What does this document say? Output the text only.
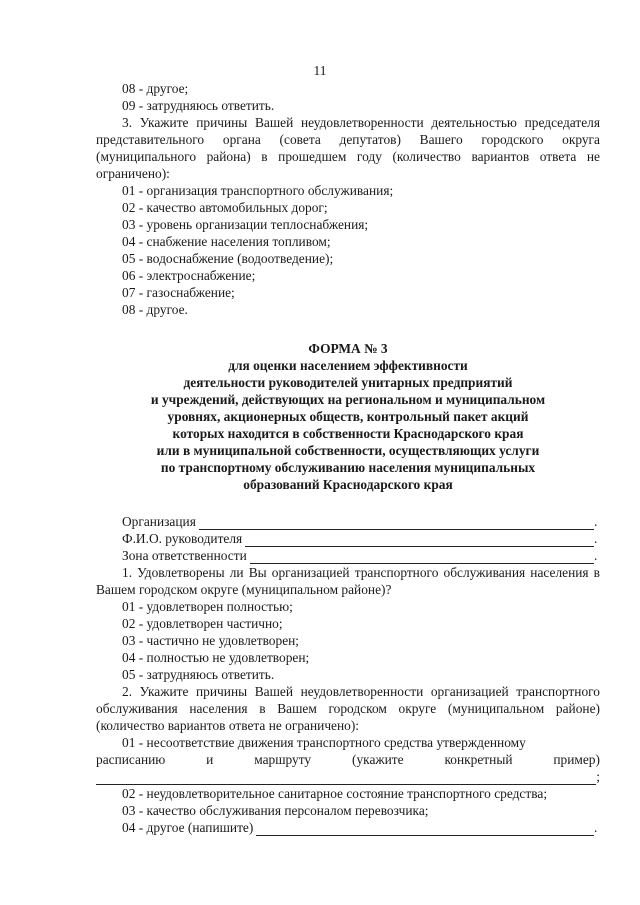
11

08 - другое;

09 - затрудняюсь ответить.

3. Укажите причины Вашей неудовлетворенности деятельностью председателя представительного органа (совета депутатов) Вашего городского округа (муниципального района) в прошедшем году (количество вариантов ответа не ограничено):

01 - организация транспортного обслуживания;

02 - качество автомобильных дорог;

03 - уровень организации теплоснабжения;

04 - снабжение населения топливом;

05 - водоснабжение (водоотведение);

06 - электроснабжение;

07 - газоснабжение;

08 - другое.

ФОРМА № 3

для оценки населением эффективности

деятельности руководителей унитарных предприятий

и учреждений, действующих на региональном и муниципальном

уровнях, акционерных обществ, контрольный пакет акций

которых находится в собственности Краснодарского края

или в муниципальной собственности, осуществляющих услуги

по транспортному обслуживанию населения муниципальных

образований Краснодарского края

Организация	.
Ф.И.О. руководителя	.
Зона ответственности	.

1. Удовлетворены ли Вы организацией транспортного обслуживания населения в Вашем городском округе (муниципальном районе)?

01 - удовлетворен полностью;

02 - удовлетворен частично;

03 - частично не удовлетворен;

04 - полностью не удовлетворен;

05 - затрудняюсь ответить.

2. Укажите причины Вашей неудовлетворенности организацией транспортного обслуживания населения в Вашем городском округе (муниципальном районе) (количество вариантов ответа не ограничено):

01 - несоответствие движения транспортного средства утвержденному

расписанию	и	маршруту	(укажите	конкретный	пример)
;

02 - неудовлетворительное санитарное состояние транспортного средства;

03 - качество обслуживания персоналом перевозчика;

04 - другое (напишите)	.
